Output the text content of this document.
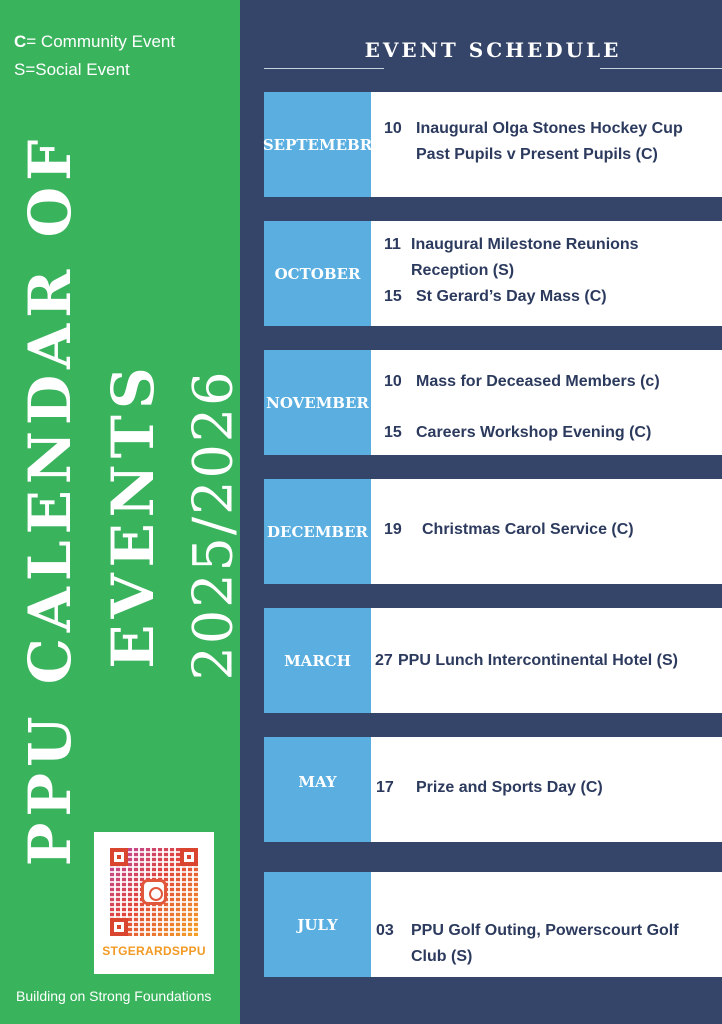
C= Community Event
S=Social Event
PPU CALENDAR OF EVENTS 2025/2026
STGERARDSPPU
Building on Strong Foundations
EVENT SCHEDULE
SEPTEMEBR
10 Inaugural Olga Stones Hockey Cup Past Pupils v Present Pupils (C)
OCTOBER
11 Inaugural Milestone Reunions Reception (S)
15 St Gerard’s Day Mass (C)
NOVEMBER
10 Mass for Deceased Members (c)
15 Careers Workshop Evening (C)
DECEMBER 19 Christmas Carol Service (C)
MARCH	27 PPU Lunch Intercontinental Hotel (S)
MAY	17 Prize and Sports Day (C)
JULY	03 PPU Golf Outing, Powerscourt Golf Club (S)
